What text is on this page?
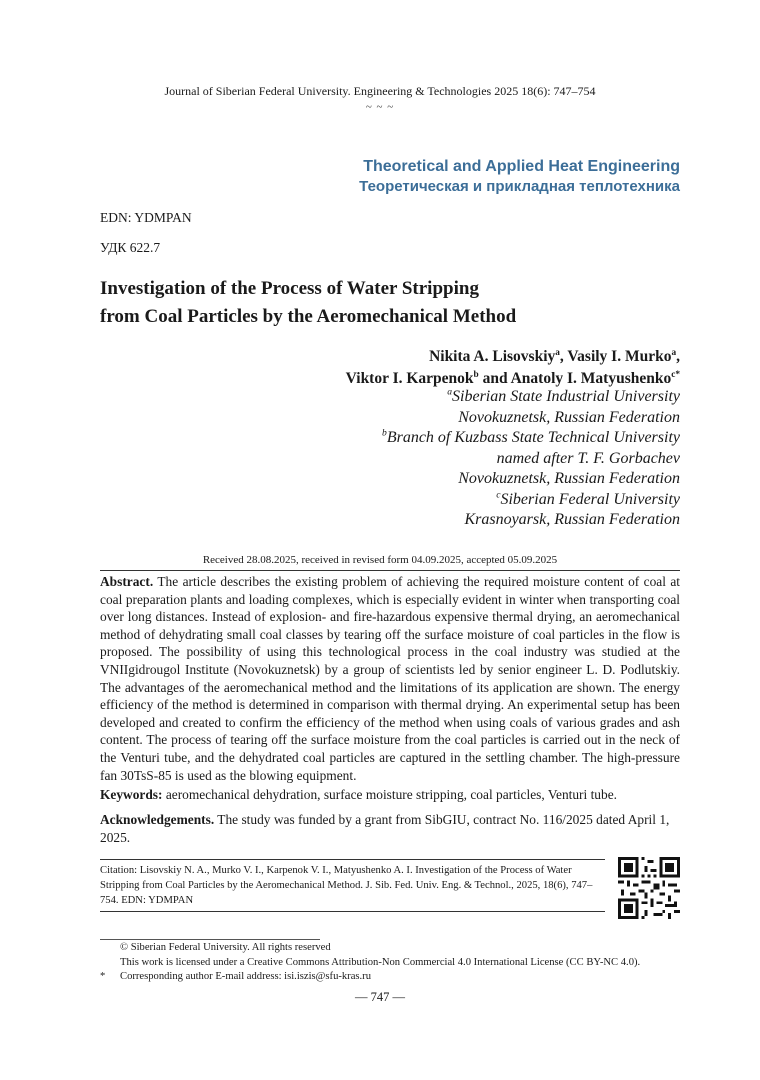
Journal of Siberian Federal University. Engineering & Technologies 2025 18(6): 747–754
~ ~ ~
Theoretical and Applied Heat Engineering
Теоретическая и прикладная теплотехника
EDN: YDMPAN
УДК 622.7
Investigation of the Process of Water Stripping
from Coal Particles by the Aeromechanical Method
Nikita A. Lisovskiy$^a$, Vasily I. Murko$^a$,
Viktor I. Karpenok$^b$ and Anatoly I. Matyushenko$^{c*}$
$^a$Siberian State Industrial University
Novokuznetsk, Russian Federation
$^b$Branch of Kuzbass State Technical University
named after T. F. Gorbachev
Novokuznetsk, Russian Federation
$^c$Siberian Federal University
Krasnoyarsk, Russian Federation
Received 28.08.2025, received in revised form 04.09.2025, accepted 05.09.2025
Abstract. The article describes the existing problem of achieving the required moisture content of coal at coal preparation plants and loading complexes, which is especially evident in winter when transporting coal over long distances. Instead of explosion- and fire-hazardous expensive thermal drying, an aeromechanical method of dehydrating small coal classes by tearing off the surface moisture of coal particles in the flow is proposed. The possibility of using this technological process in the coal industry was studied at the VNIIgidrougol Institute (Novokuznetsk) by a group of scientists led by senior engineer L. D. Podlutskiy. The advantages of the aeromechanical method and the limitations of its application are shown. The energy efficiency of the method is determined in comparison with thermal drying. An experimental setup has been developed and created to confirm the efficiency of the method when using coals of various grades and ash content. The process of tearing off the surface moisture from the coal particles is carried out in the neck of the Venturi tube, and the dehydrated coal particles are captured in the settling chamber. The high-pressure fan 30TsS-85 is used as the blowing equipment.
Keywords: aeromechanical dehydration, surface moisture stripping, coal particles, Venturi tube.
Acknowledgements. The study was funded by a grant from SibGIU, contract No. 116/2025 dated April 1, 2025.
Citation: Lisovskiy N. A., Murko V. I., Karpenok V. I., Matyushenko A. I. Investigation of the Process of Water Stripping from Coal Particles by the Aeromechanical Method. J. Sib. Fed. Univ. Eng. & Technol., 2025, 18(6), 747–754. EDN: YDMPAN
© Siberian Federal University. All rights reserved
This work is licensed under a Creative Commons Attribution-Non Commercial 4.0 International License (CC BY-NC 4.0).
* Corresponding author E-mail address: isi.iszis@sfu-kras.ru
— 747 —
